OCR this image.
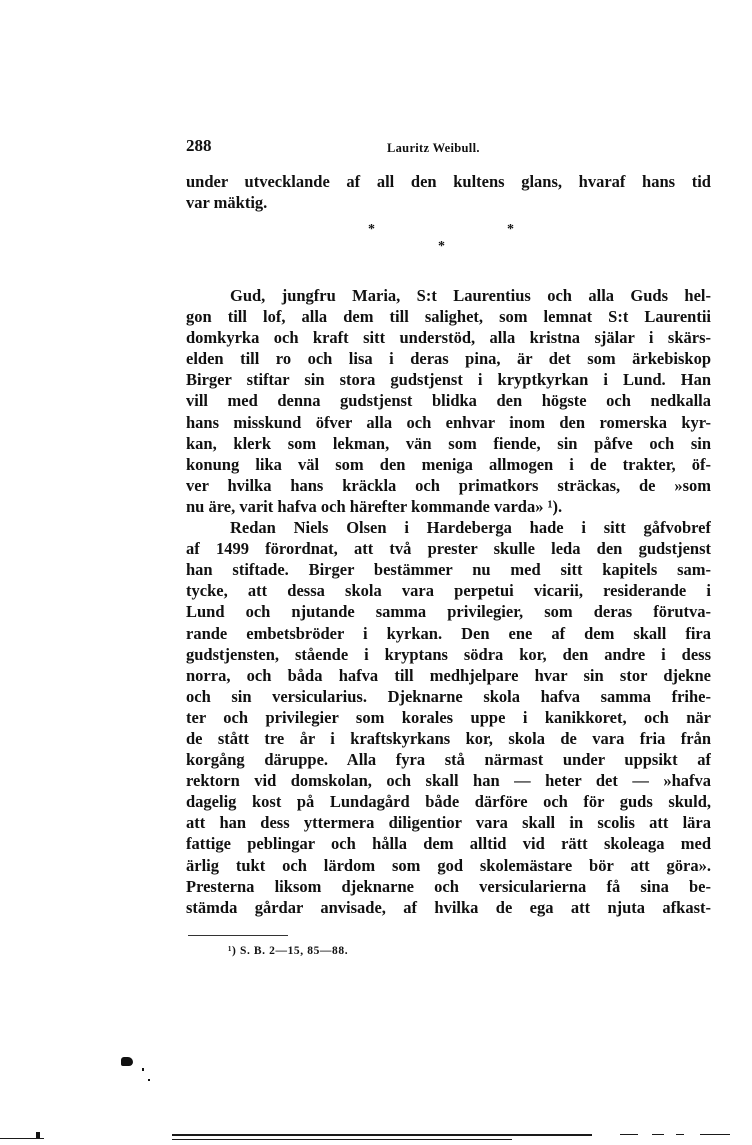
288	Lauritz Weibull.
under utvecklande af all den kultens glans, hvaraf hans tid
var mäktig.
*	*
*
Gud, jungfru Maria, S:t Laurentius och alla Guds hel-
gon till lof, alla dem till salighet, som lemnat S:t Laurentii
domkyrka och kraft sitt understöd, alla kristna själar i skärs-
elden till ro och lisa i deras pina, är det som ärkebiskop
Birger stiftar sin stora gudstjenst i kryptkyrkan i Lund. Han
vill med denna gudstjenst blidka den högste och nedkalla
hans misskund öfver alla och enhvar inom den romerska kyr-
kan, klerk som lekman, vän som fiende, sin påfve och sin
konung lika väl som den meniga allmogen i de trakter, öf-
ver hvilka hans kräckla och primatkors sträckas, de »som
nu äre, varit hafva och härefter kommande varda» ¹).
Redan Niels Olsen i Hardeberga hade i sitt gåfvobref
af 1499 förordnat, att två prester skulle leda den gudstjenst
han stiftade. Birger bestämmer nu med sitt kapitels sam-
tycke, att dessa skola vara perpetui vicarii, residerande i
Lund och njutande samma privilegier, som deras förutva-
rande embetsbröder i kyrkan. Den ene af dem skall fira
gudstjensten, stående i kryptans södra kor, den andre i dess
norra, och båda hafva till medhjelpare hvar sin stor djekne
och sin versicularius. Djeknarne skola hafva samma frihe-
ter och privilegier som korales uppe i kanikkoret, och när
de stått tre år i kraftskyrkans kor, skola de vara fria från
korgång däruppe. Alla fyra stå närmast under uppsikt af
rektorn vid domskolan, och skall han — heter det — »hafva
dagelig kost på Lundagård både därföre och för guds skuld,
att han dess yttermera diligentior vara skall in scolis att lära
fattige peblingar och hålla dem alltid vid rätt skoleaga med
ärlig tukt och lärdom som god skolemästare bör att göra».
Presterna liksom djeknarne och versicularierna få sina be-
stämda gårdar anvisade, af hvilka de ega att njuta afkast-
¹) S. B. 2—15, 85—88.
